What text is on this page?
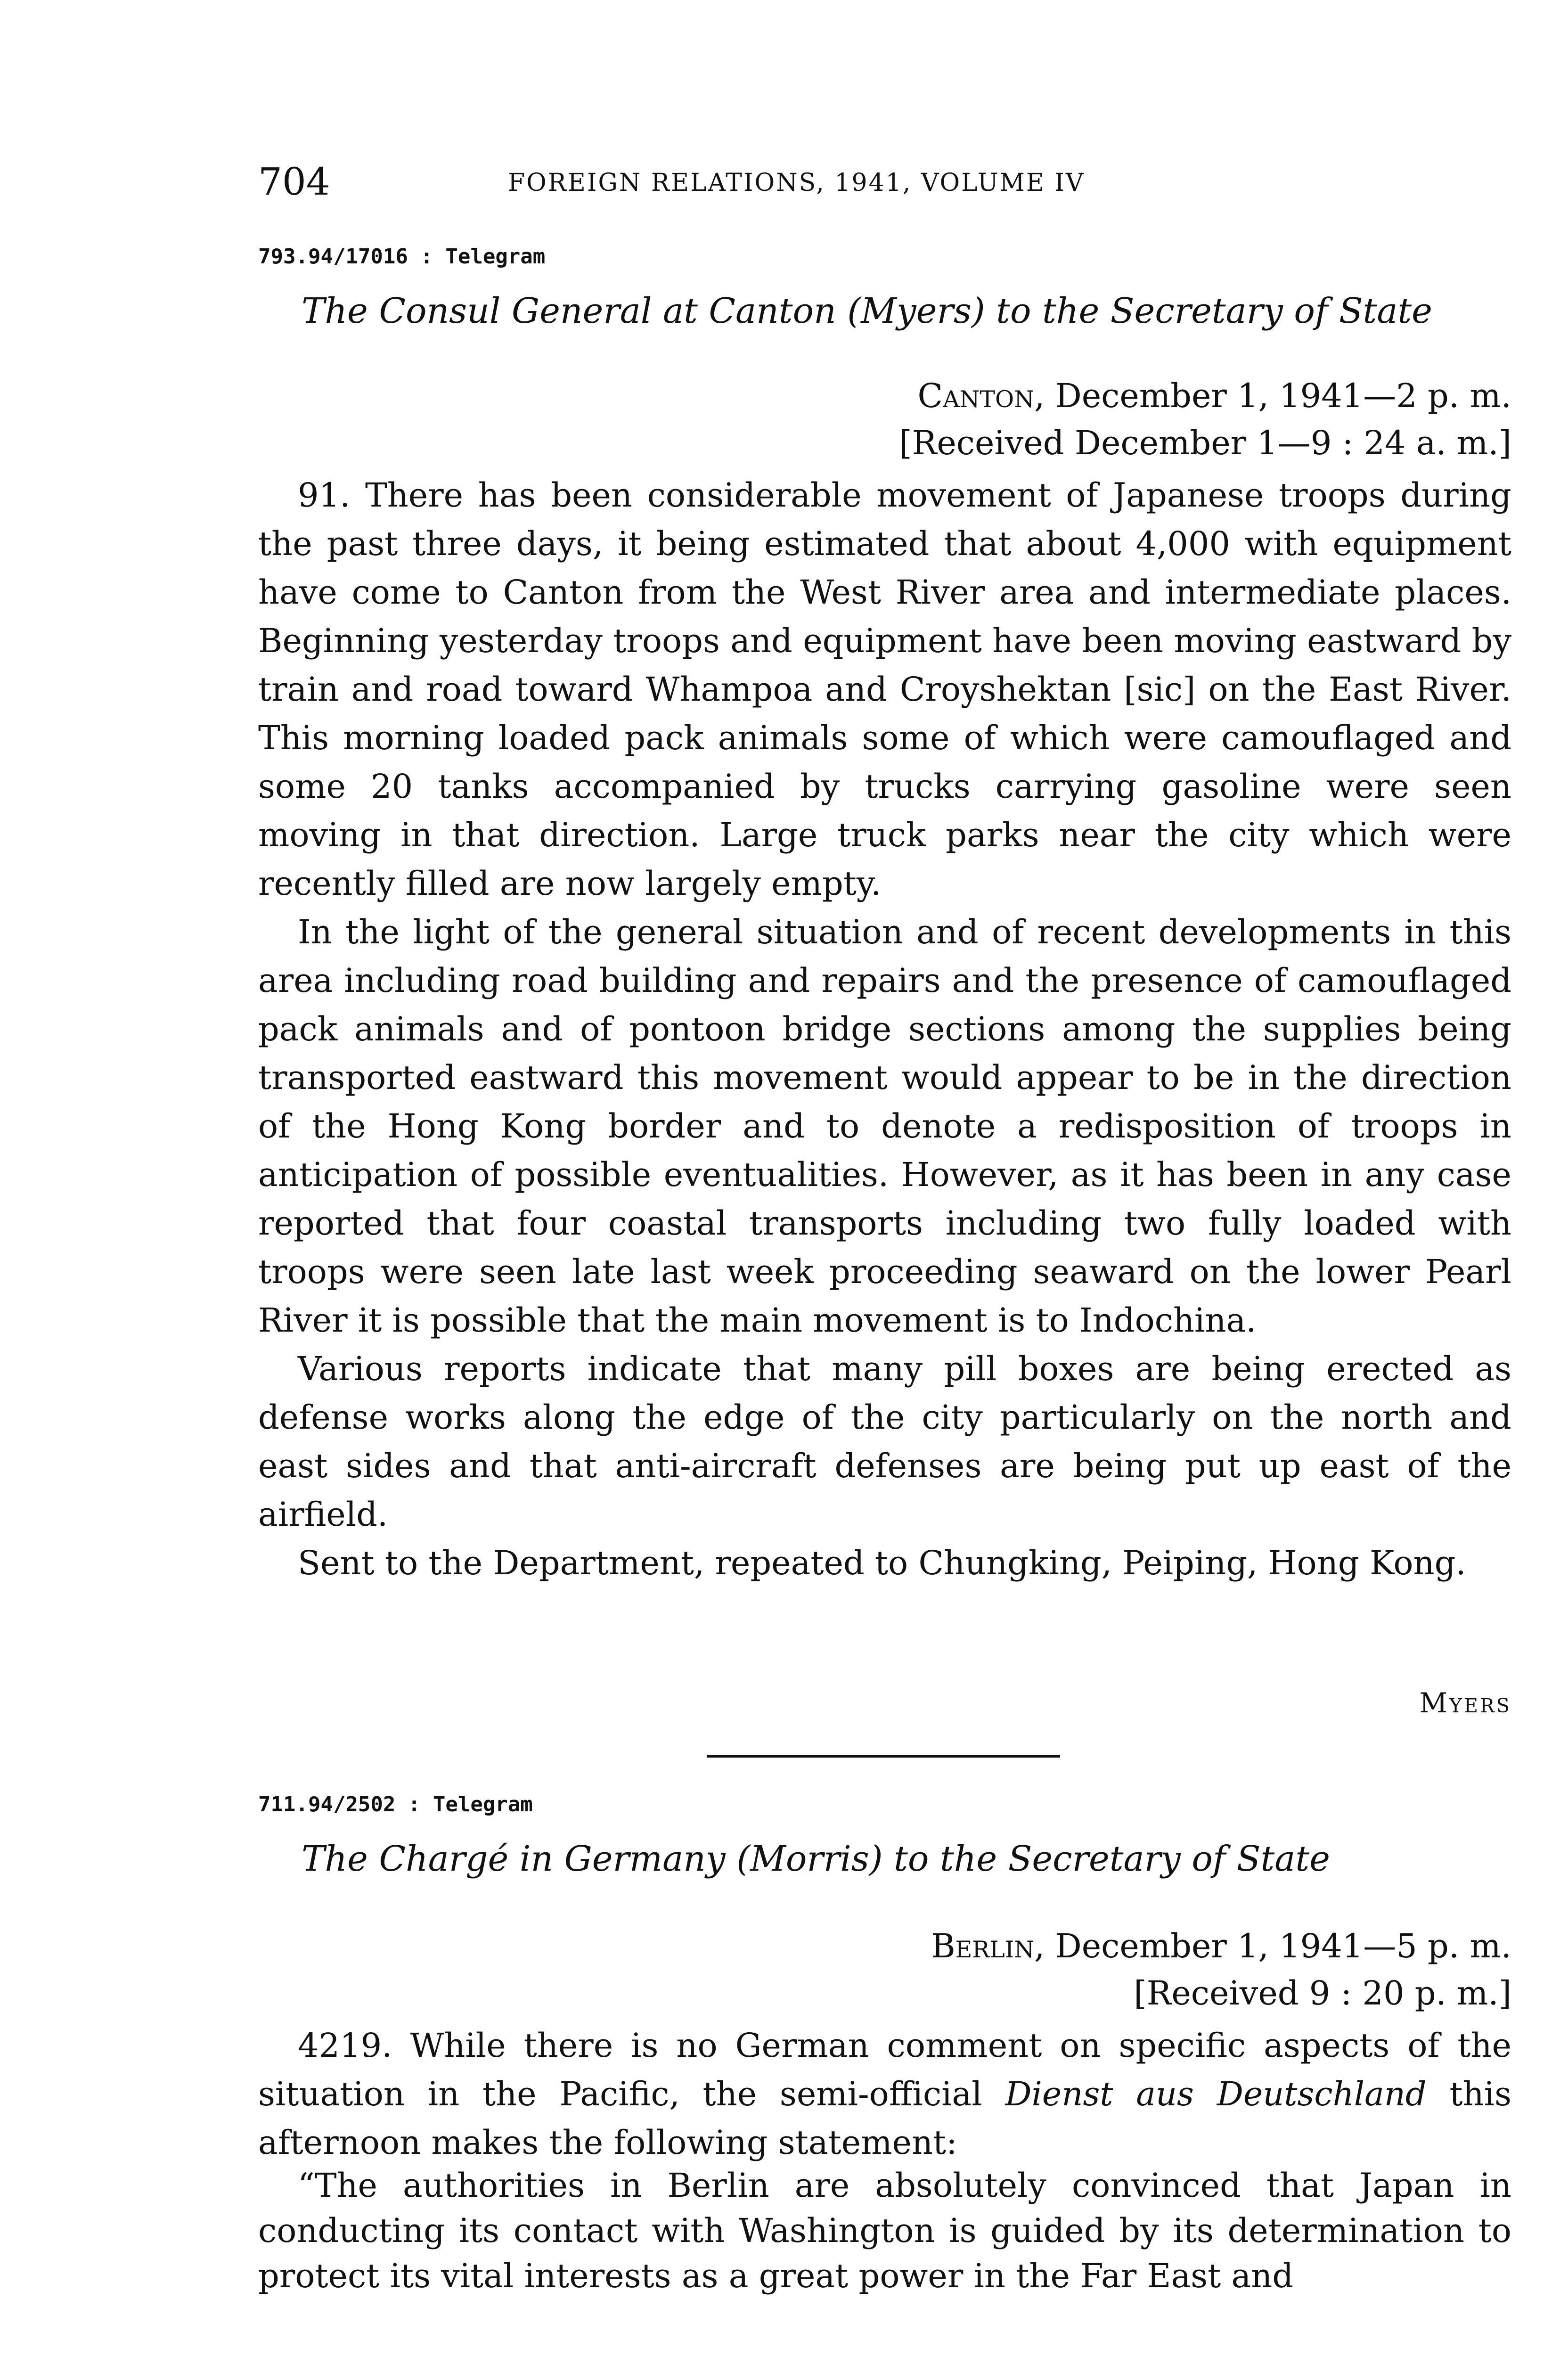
704	FOREIGN RELATIONS, 1941, VOLUME IV
793.94/17016 : Telegram
The Consul General at Canton (Myers) to the Secretary of State
Canton, December 1, 1941—2 p. m.
[Received December 1—9 : 24 a. m.]

91. There has been considerable movement of Japanese troops during the past three days, it being estimated that about 4,000 with equipment have come to Canton from the West River area and intermediate places. Beginning yesterday troops and equipment have been moving eastward by train and road toward Whampoa and Croyshektan [sic] on the East River. This morning loaded pack animals some of which were camouflaged and some 20 tanks accompanied by trucks carrying gasoline were seen moving in that direction. Large truck parks near the city which were recently filled are now largely empty.

In the light of the general situation and of recent developments in this area including road building and repairs and the presence of camouflaged pack animals and of pontoon bridge sections among the supplies being transported eastward this movement would appear to be in the direction of the Hong Kong border and to denote a redisposition of troops in anticipation of possible eventualities. However, as it has been in any case reported that four coastal transports including two fully loaded with troops were seen late last week proceeding seaward on the lower Pearl River it is possible that the main movement is to Indochina.

Various reports indicate that many pill boxes are being erected as defense works along the edge of the city particularly on the north and east sides and that anti-aircraft defenses are being put up east of the airfield.

Sent to the Department, repeated to Chungking, Peiping, Hong Kong.

Myers
711.94/2502 : Telegram
The Chargé in Germany (Morris) to the Secretary of State
Berlin, December 1, 1941—5 p. m.
[Received 9 : 20 p. m.]

4219. While there is no German comment on specific aspects of the situation in the Pacific, the semi-official Dienst aus Deutschland this afternoon makes the following statement:

“The authorities in Berlin are absolutely convinced that Japan in conducting its contact with Washington is guided by its determination to protect its vital interests as a great power in the Far East and
